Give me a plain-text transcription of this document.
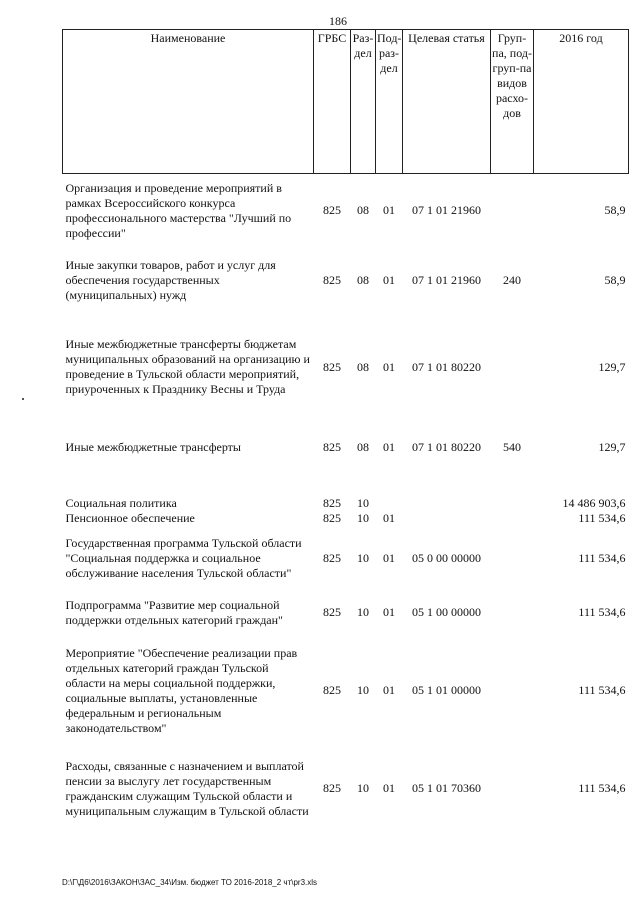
186
Наименование	ГРБС	Раз-дел	Под-раз-дел	Целевая статья	Груп-па, под-груп-па видов расхо-дов	2016 год
Организация и проведение мероприятий в рамках Всероссийского конкурса профессионального мастерства "Лучший по профессии"	825	08	01	07 1 01 21960		58,9
Иные закупки товаров, работ и услуг для обеспечения государственных (муниципальных) нужд	825	08	01	07 1 01 21960	240	58,9
Иные межбюджетные трансферты бюджетам муниципальных образований на организацию и проведение в Тульской области мероприятий, приуроченных к Празднику Весны и Труда	825	08	01	07 1 01 80220		129,7
Иные межбюджетные трансферты	825	08	01	07 1 01 80220	540	129,7
Социальная политика	825	10				14 486 903,6
Пенсионное обеспечение	825	10	01			111 534,6
Государственная программа Тульской области "Социальная поддержка и социальное обслуживание населения Тульской области"	825	10	01	05 0 00 00000		111 534,6
Подпрограмма "Развитие мер социальной поддержки отдельных категорий граждан"	825	10	01	05 1 00 00000		111 534,6
Мероприятие "Обеспечение реализации прав отдельных категорий граждан Тульской области на меры социальной поддержки, социальные выплаты, установленные федеральным и региональным законодательством"	825	10	01	05 1 01 00000		111 534,6
Расходы, связанные с назначением и выплатой пенсии за выслугу лет государственным гражданским служащим Тульской области и муниципальным служащим в Тульской области	825	10	01	05 1 01 70360		111 534,6
D:\Г\Д6\2016\ЗАКОН\ЗАС_34\Изм. бюджет ТО 2016-2018_2 чт\pr3.xls
